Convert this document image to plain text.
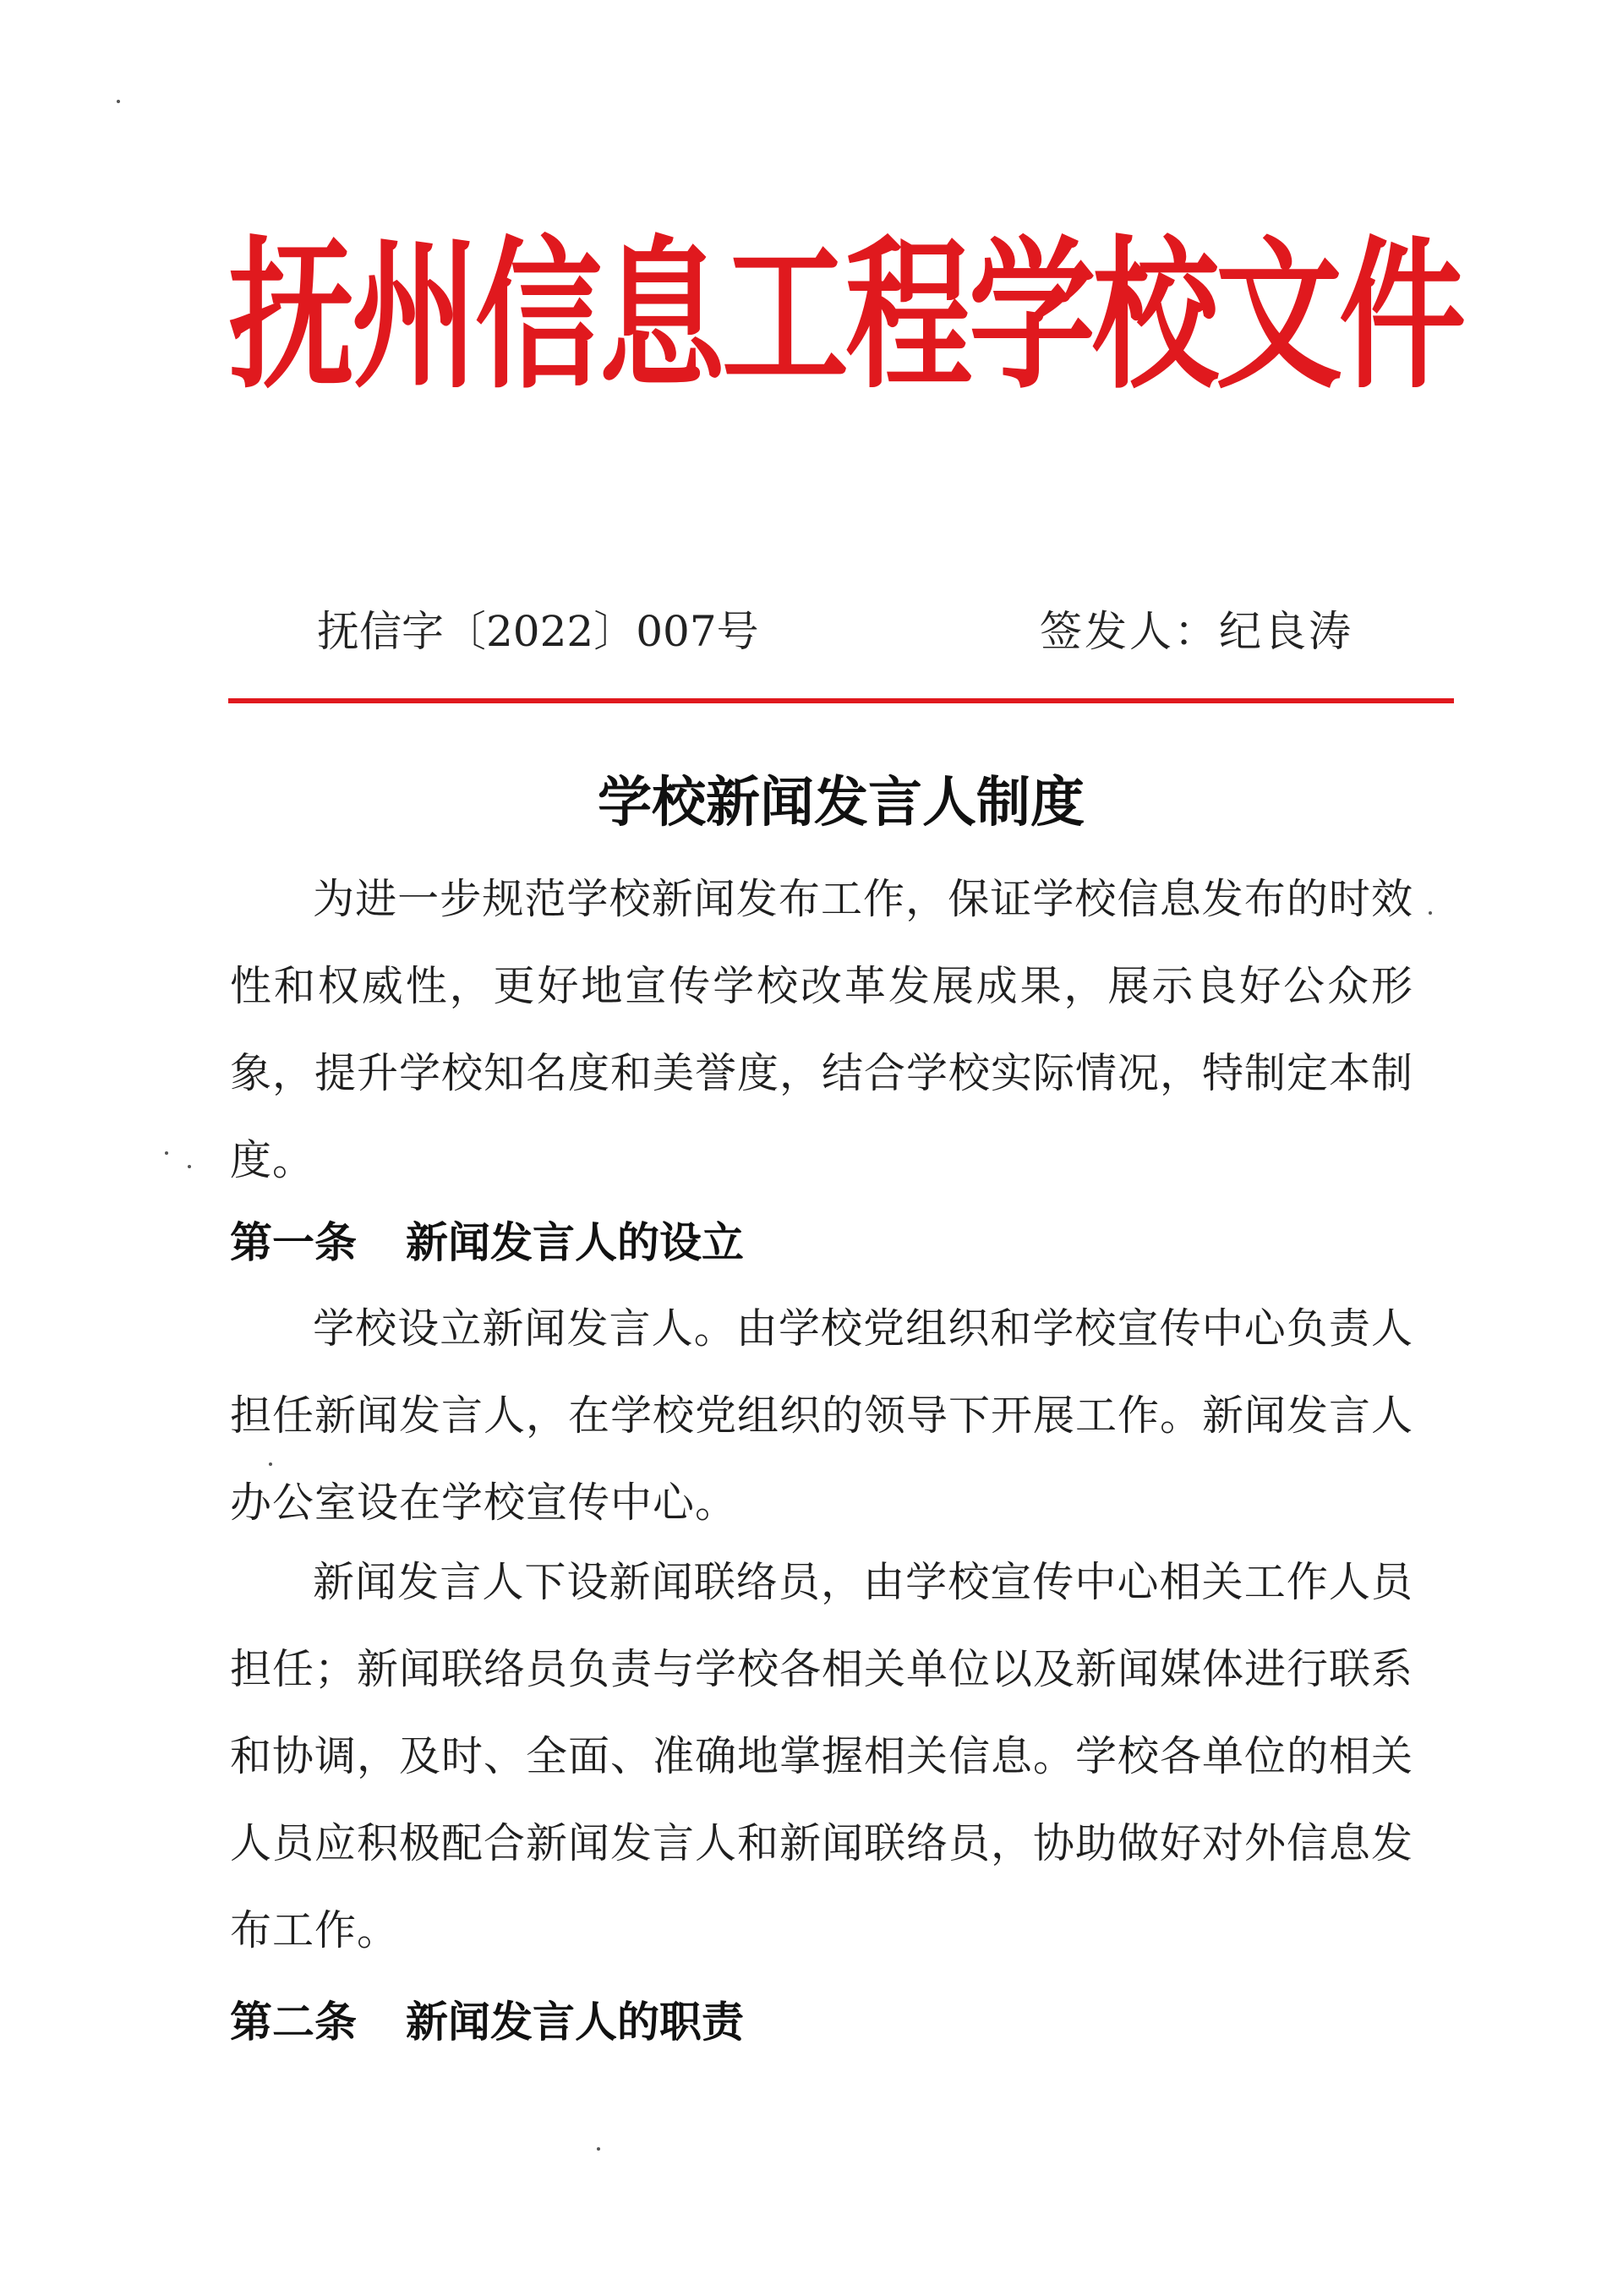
抚州信息工程学校文件
抚信字〔2022〕007号	签发人：纪良涛
学校新闻发言人制度

为进一步规范学校新闻发布工作，保证学校信息发布的时效性和权威性，更好地宣传学校改革发展成果，展示良好公众形象，提升学校知名度和美誉度，结合学校实际情况，特制定本制度。

第一条 新闻发言人的设立

学校设立新闻发言人。由学校党组织和学校宣传中心负责人担任新闻发言人，在学校党组织的领导下开展工作。新闻发言人办公室设在学校宣传中心。

新闻发言人下设新闻联络员，由学校宣传中心相关工作人员担任；新闻联络员负责与学校各相关单位以及新闻媒体进行联系和协调，及时、全面、准确地掌握相关信息。学校各单位的相关人员应积极配合新闻发言人和新闻联络员，协助做好对外信息发布工作。

第二条 新闻发言人的职责
